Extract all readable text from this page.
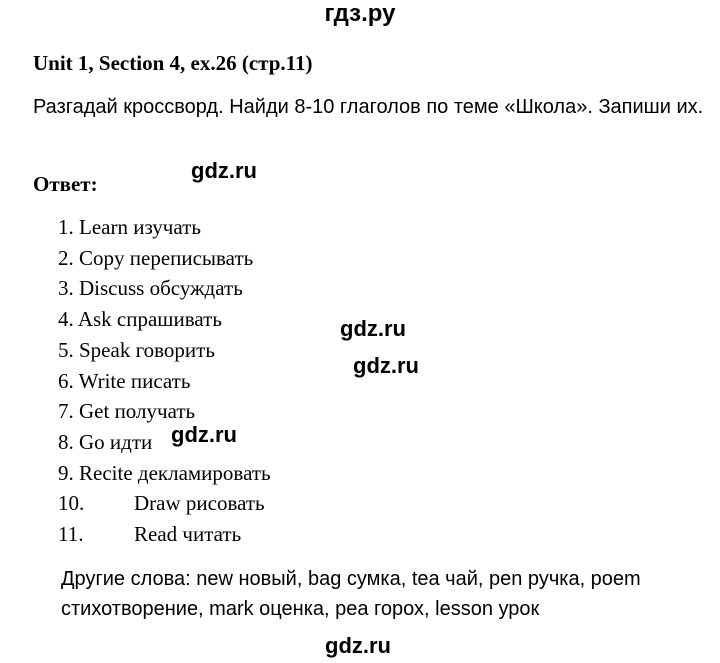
гдз.ру
Unit 1, Section 4, ex.26 (стр.11)
Разгадай кроссворд. Найди 8-10 глаголов по теме «Школа». Запиши их.
Ответ:
1. Learn изучать
2. Copy переписывать
3. Discuss обсуждать
4. Ask спрашивать
5. Speak говорить
6. Write писать
7. Get получать
8. Go идти
9. Recite декламировать
10. Draw рисовать
11. Read читать
Другие слова: new новый, bag сумка, tea чай, pen ручка, poem стихотворение, mark оценка, pea горох, lesson урок
gdz.ru
gdz.ru
gdz.ru
gdz.ru
gdz.ru
